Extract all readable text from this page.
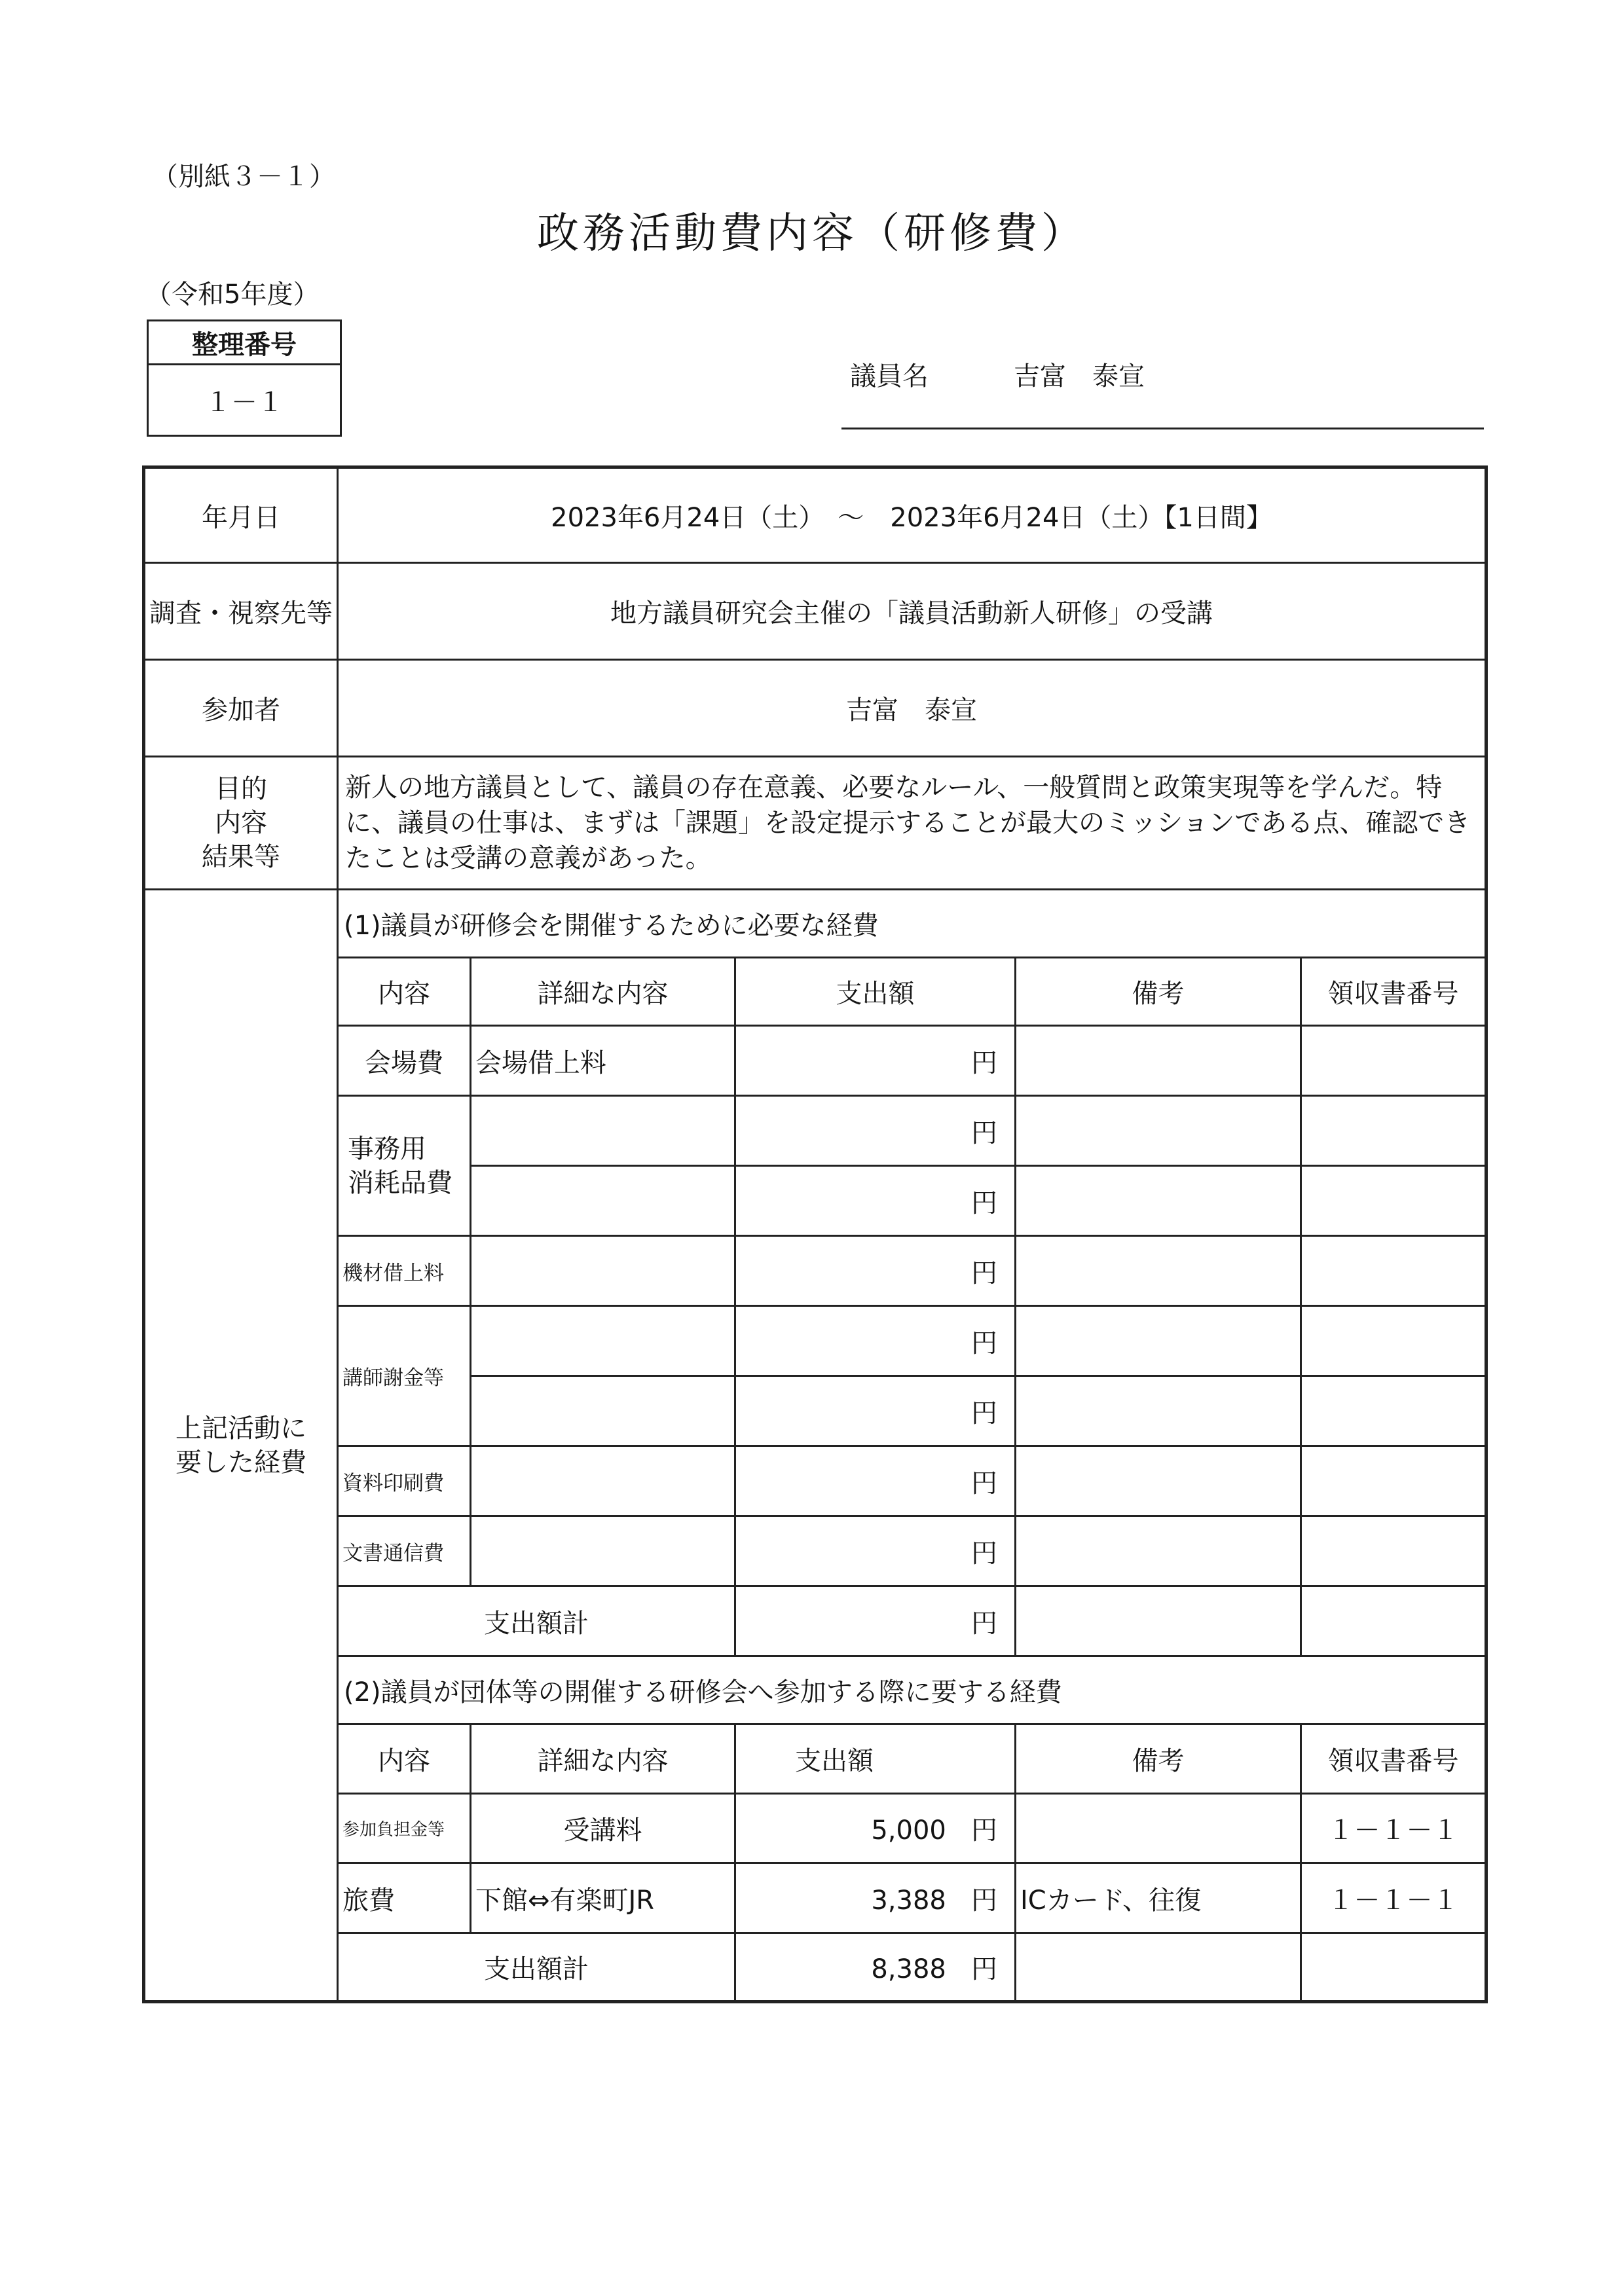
（別紙３－１）
政務活動費内容（研修費）
（令和5年度）
整理番号
１－１
議員名	吉富　泰宣
年月日	2023年6月24日（土）　～　2023年6月24日（土）【1日間】				
調査・視察先等	地方議員研究会主催の「議員活動新人研修」の受講				
参加者	吉富　泰宣				

目的
内容
結果等	新人の地方議員として、議員の存在意義、必要なルール、一般質問と政策実現等を学んだ。特に、議員の仕事は、まずは「課題」を設定提示することが最大のミッションである点、確認できたことは受講の意義があった。				

上記活動に
要した経費	(1)議員が研修会を開催するために必要な経費				
	内容	詳細な内容	支出額	備考	領収書番号
	会場費	会場借上料	円		

	事務用
消耗品費		円		
			円		
	機材借上料		円		
	講師謝金等		円		
			円		
	資料印刷費		円		
	文書通信費		円		
	支出額計		円		
	(2)議員が団体等の開催する研修会へ参加する際に要する経費				
	内容	詳細な内容	支出額	備考	領収書番号
	参加負担金等	受講料	5,000 円		１－１－１
	旅費	下館⇔有楽町JR	3,388 円	ICカード、往復	１－１－１
	支出額計		8,388 円		
